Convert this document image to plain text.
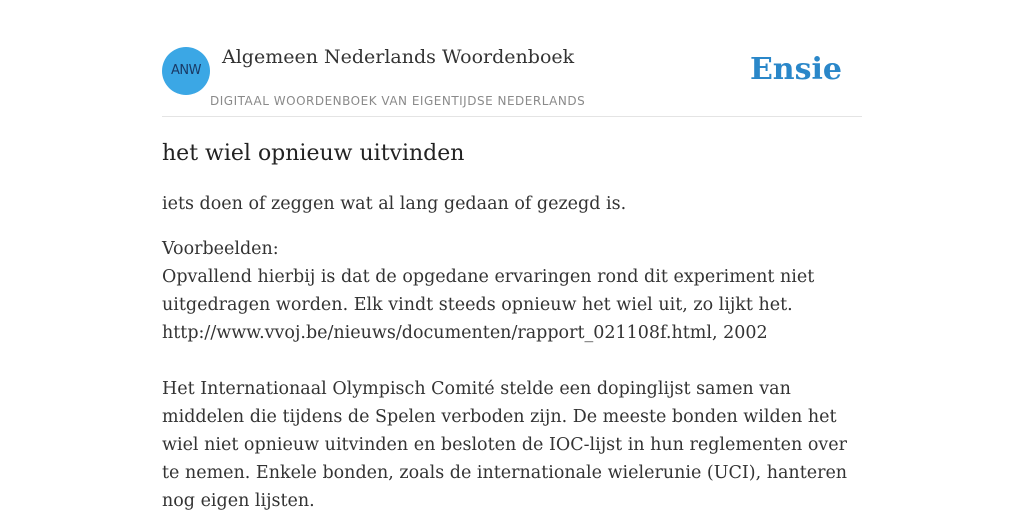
ANW
Algemeen Nederlands Woordenboek
DIGITAAL WOORDENBOEK VAN EIGENTIJDSE NEDERLANDS
Ensie
het wiel opnieuw uitvinden

iets doen of zeggen wat al lang gedaan of gezegd is.

Voorbeelden:

Opvallend hierbij is dat de opgedane ervaringen rond dit experiment niet uitgedragen worden. Elk vindt steeds opnieuw het wiel uit, zo lijkt het.

http://www.vvoj.be/nieuws/documenten/rapport_021108f.html, 2002

Het Internationaal Olympisch Comité stelde een dopinglijst samen van middelen die tijdens de Spelen verboden zijn. De meeste bonden wilden het wiel niet opnieuw uitvinden en besloten de IOC-lijst in hun reglementen over te nemen. Enkele bonden, zoals de internationale wielerunie (UCI), hanteren nog eigen lijsten.
